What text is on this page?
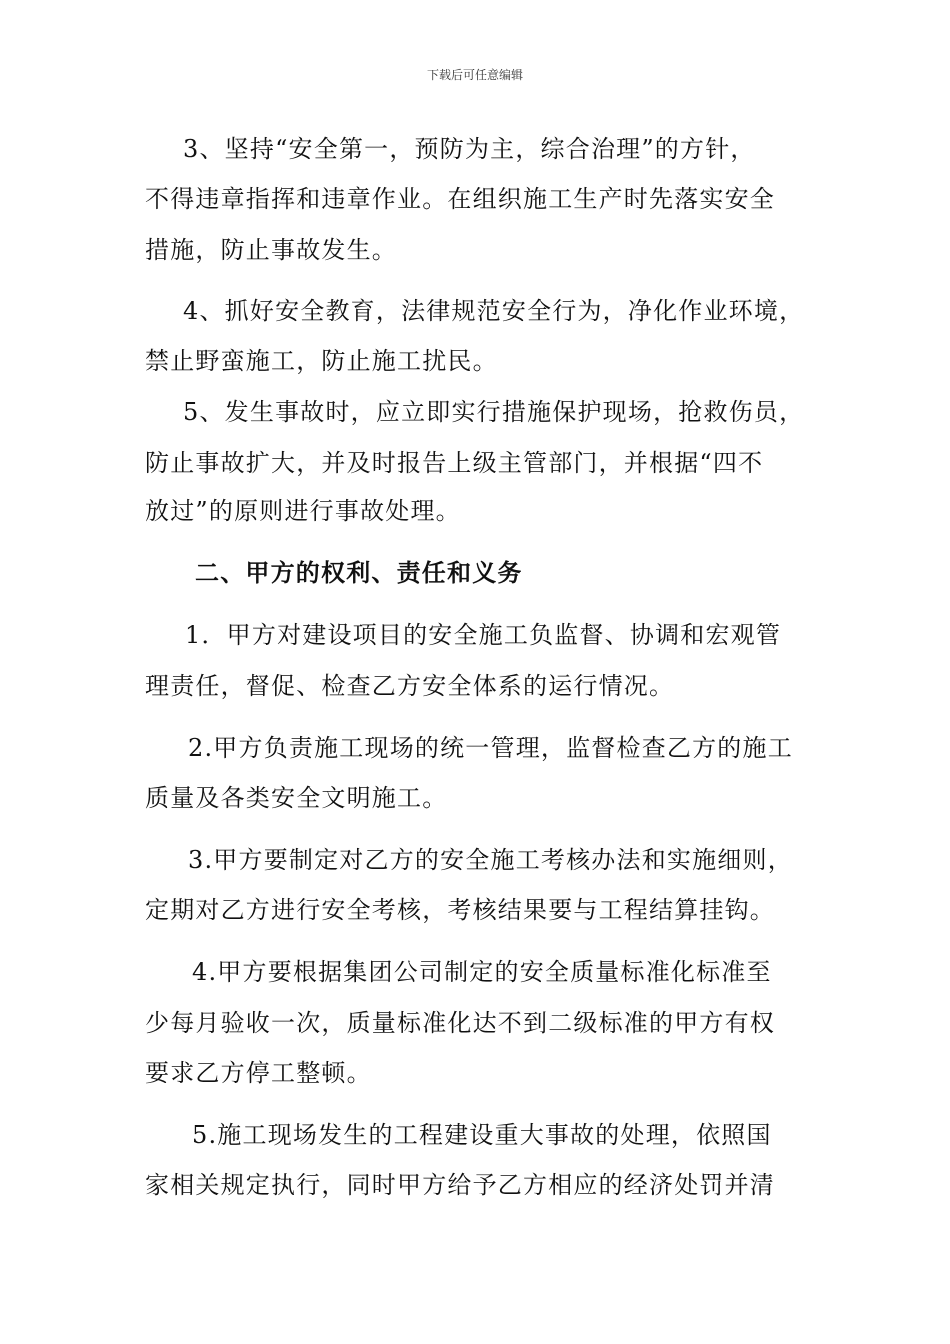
下载后可任意编辑
3、坚持“安全第一，预防为主，综合治理”的方针，
不得违章指挥和违章作业。在组织施工生产时先落实安全
措施，防止事故发生。
4、抓好安全教育，法律规范安全行为，净化作业环境，
禁止野蛮施工，防止施工扰民。
5、发生事故时，应立即实行措施保护现场，抢救伤员，
防止事故扩大，并及时报告上级主管部门，并根据“四不
放过”的原则进行事故处理。
二、甲方的权利、责任和义务
1．甲方对建设项目的安全施工负监督、协调和宏观管
理责任，督促、检查乙方安全体系的运行情况。
2.甲方负责施工现场的统一管理，监督检查乙方的施工
质量及各类安全文明施工。
3.甲方要制定对乙方的安全施工考核办法和实施细则，
定期对乙方进行安全考核，考核结果要与工程结算挂钩。
4.甲方要根据集团公司制定的安全质量标准化标准至
少每月验收一次，质量标准化达不到二级标准的甲方有权
要求乙方停工整顿。
5.施工现场发生的工程建设重大事故的处理，依照国
家相关规定执行，同时甲方给予乙方相应的经济处罚并清
